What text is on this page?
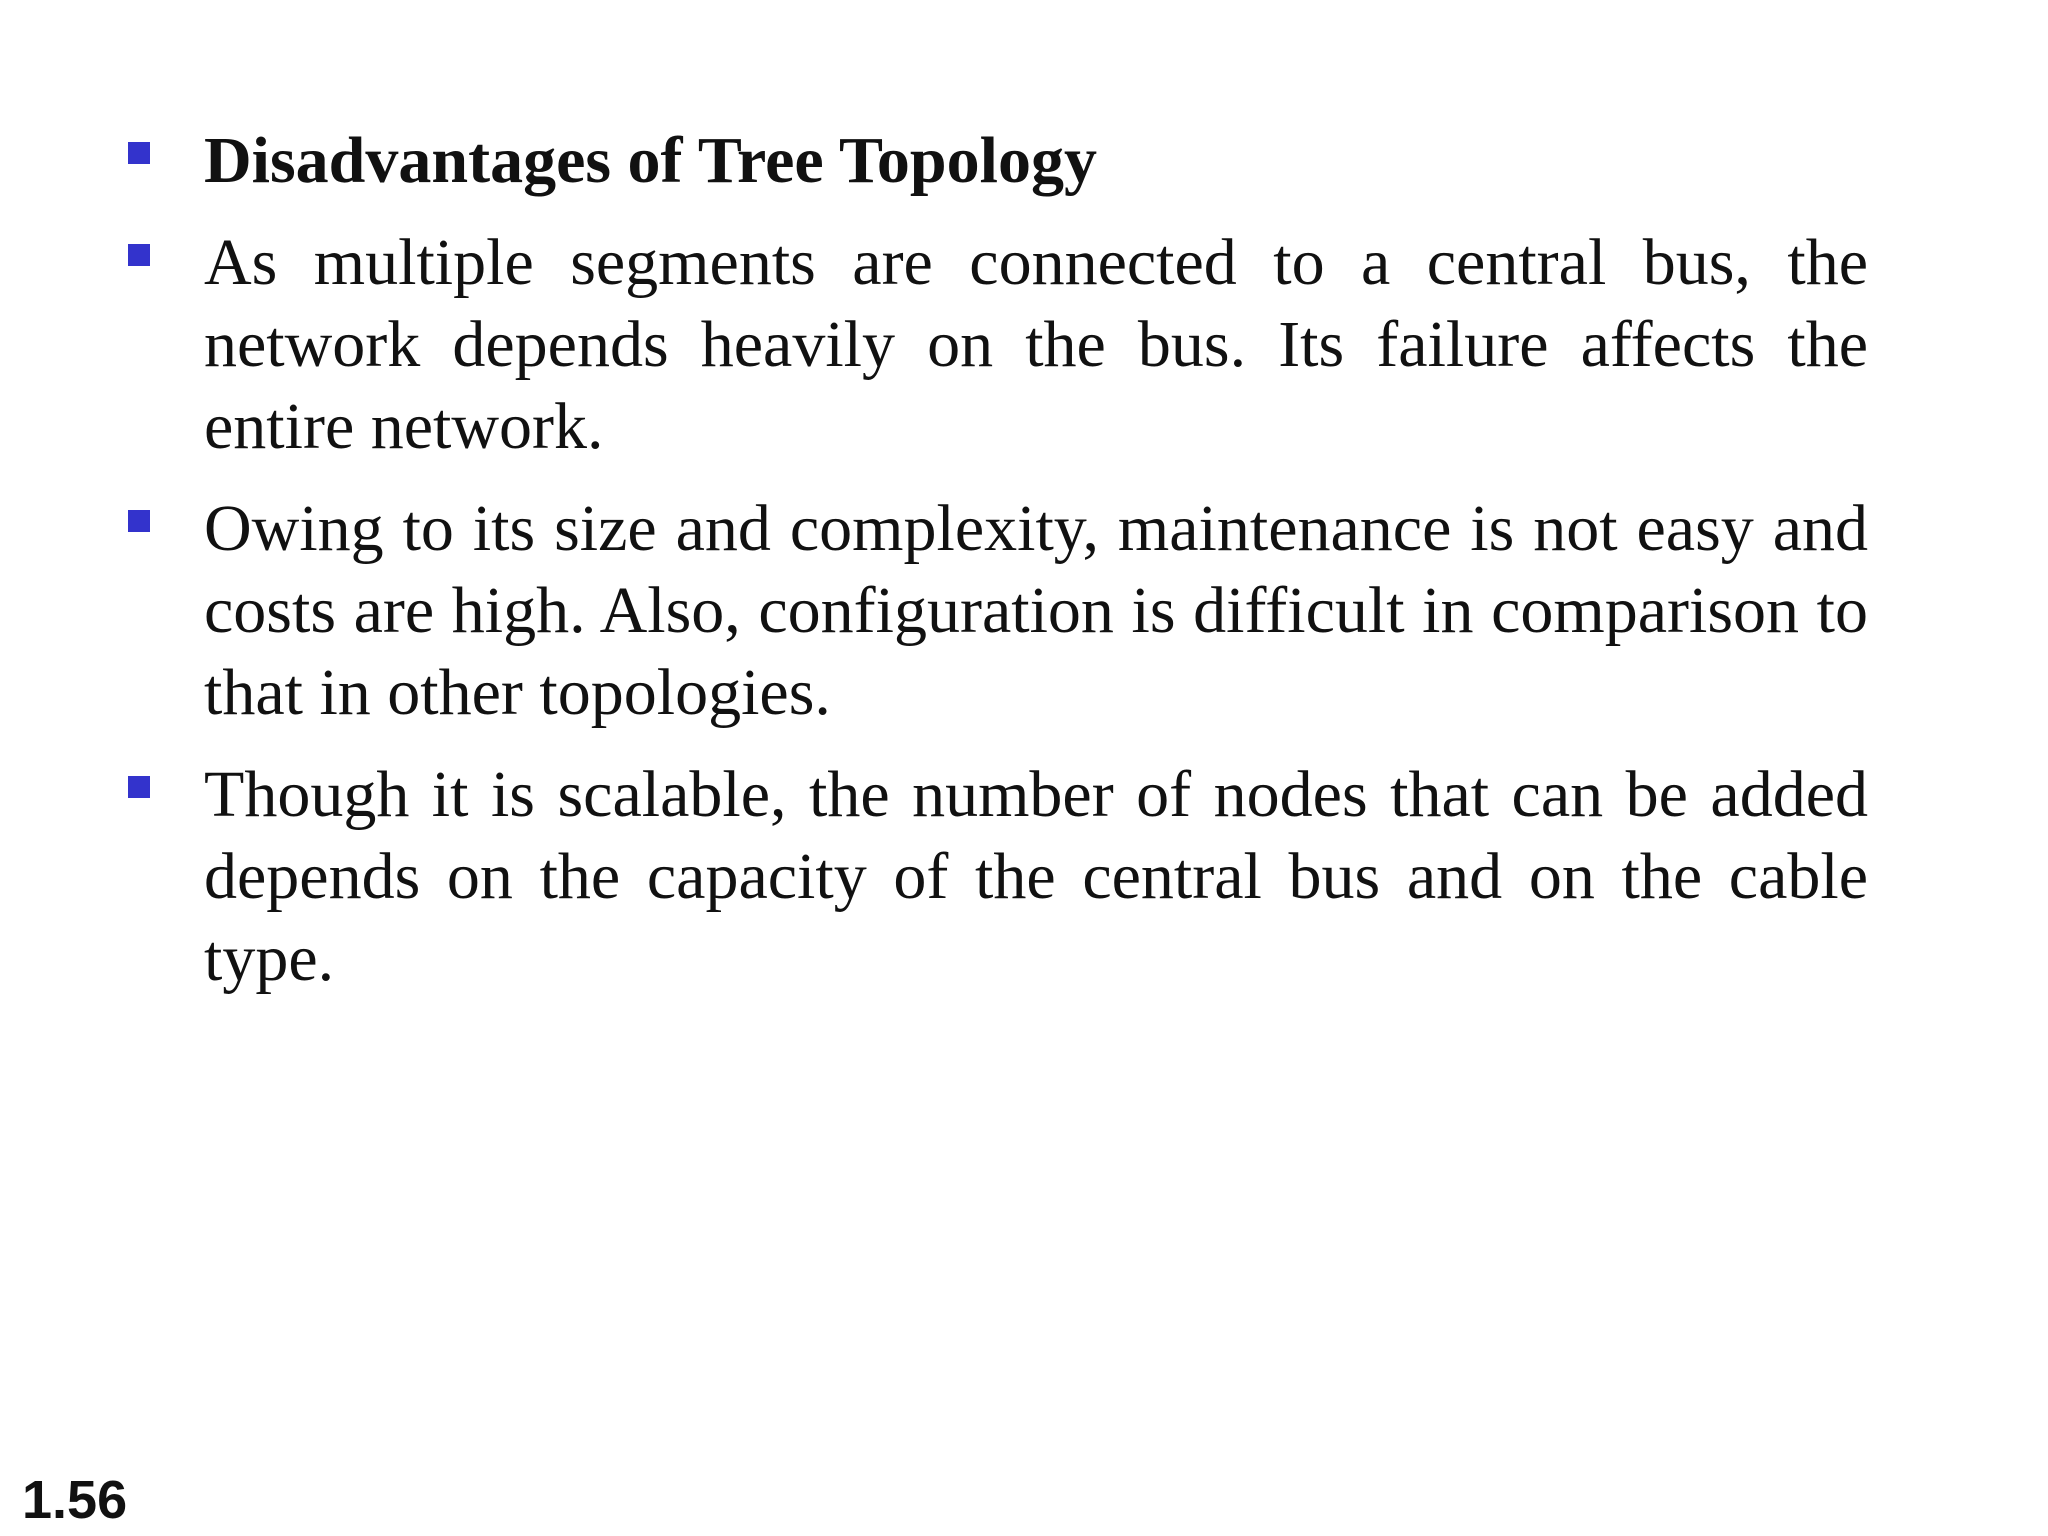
Disadvantages of Tree Topology
As multiple segments are connected to a central bus, the network depends heavily on the bus. Its failure affects the entire network.
Owing to its size and complexity, maintenance is not easy and costs are high. Also, configuration is difficult in comparison to that in other topologies.
Though it is scalable, the number of nodes that can be added depends on the capacity of the central bus and on the cable type.
1.56
